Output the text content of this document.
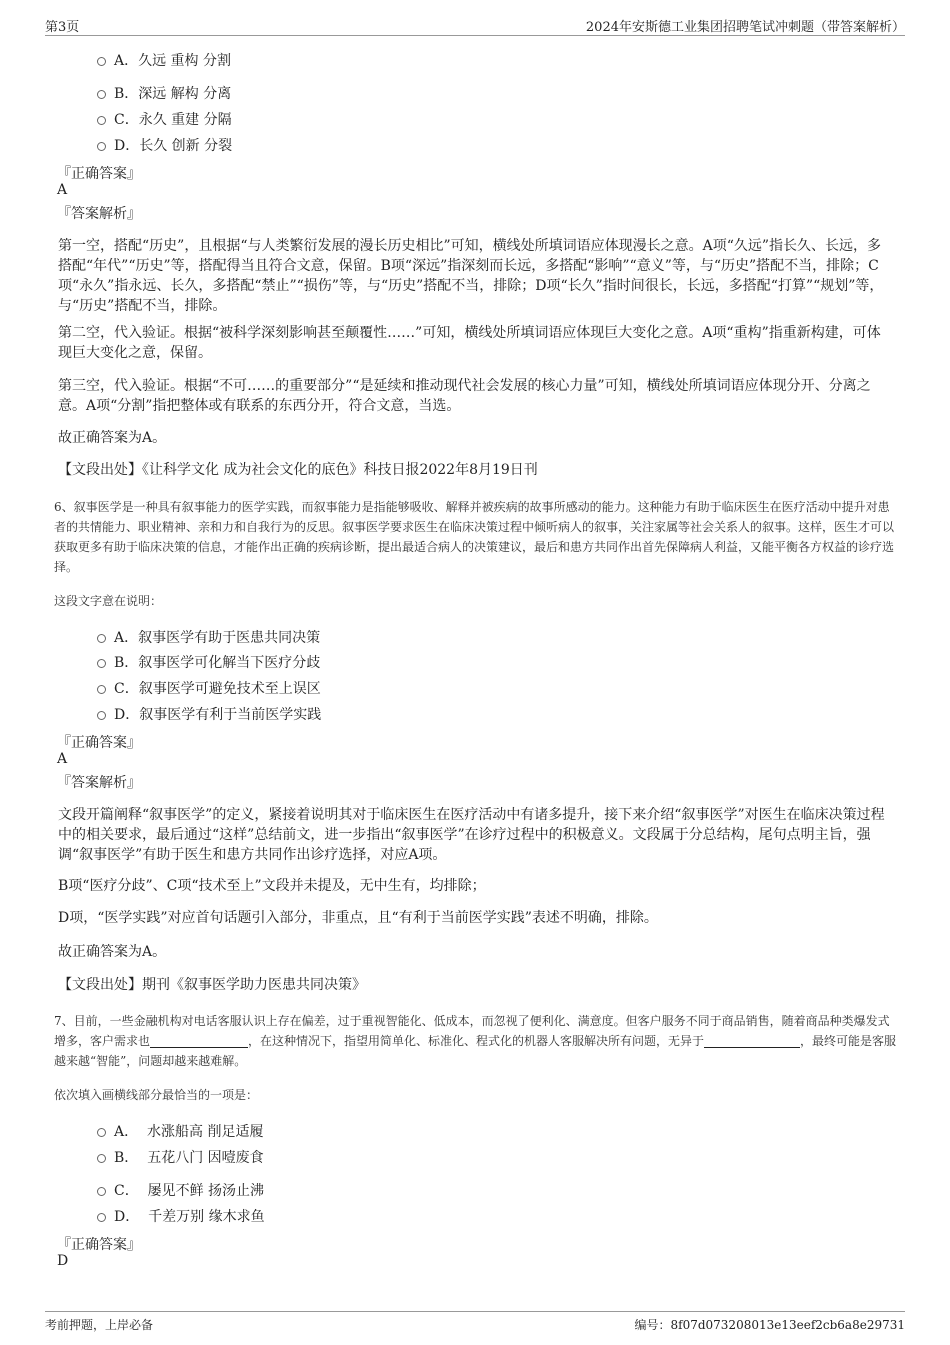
第3页	2024年安斯德工业集团招聘笔试冲刺题（带答案解析）
A．久远 重构 分割
B．深远 解构 分离
C．永久 重建 分隔
D．长久 创新 分裂
『正确答案』
A
『答案解析』
第一空，搭配“历史”，且根据“与人类繁衍发展的漫长历史相比”可知，横线处所填词语应体现漫长之意。A项“久远”指长久、长远，多搭配“年代”“历史”等，搭配得当且符合文意，保留。B项“深远”指深刻而长远，多搭配“影响”“意义”等，与“历史”搭配不当，排除；C项“永久”指永远、长久，多搭配“禁止”“损伤”等，与“历史”搭配不当，排除；D项“长久”指时间很长，长远，多搭配“打算”“规划”等，与“历史”搭配不当，排除。
第二空，代入验证。根据“被科学深刻影响甚至颠覆性……”可知，横线处所填词语应体现巨大变化之意。A项“重构”指重新构建，可体现巨大变化之意，保留。
第三空，代入验证。根据“不可……的重要部分”“是延续和推动现代社会发展的核心力量”可知，横线处所填词语应体现分开、分离之意。A项“分割”指把整体或有联系的东西分开，符合文意，当选。
故正确答案为A。
【文段出处】《让科学文化 成为社会文化的底色》科技日报2022年8月19日刊
6、叙事医学是一种具有叙事能力的医学实践，而叙事能力是指能够吸收、解释并被疾病的故事所感动的能力。这种能力有助于临床医生在医疗活动中提升对患者的共情能力、职业精神、亲和力和自我行为的反思。叙事医学要求医生在临床决策过程中倾听病人的叙事，关注家属等社会关系人的叙事。这样，医生才可以获取更多有助于临床决策的信息，才能作出正确的疾病诊断，提出最适合病人的决策建议，最后和患方共同作出首先保障病人利益，又能平衡各方权益的诊疗选择。
这段文字意在说明：
A．叙事医学有助于医患共同决策
B．叙事医学可化解当下医疗分歧
C．叙事医学可避免技术至上误区
D．叙事医学有利于当前医学实践
『正确答案』
A
『答案解析』
文段开篇阐释“叙事医学”的定义，紧接着说明其对于临床医生在医疗活动中有诸多提升，接下来介绍“叙事医学”对医生在临床决策过程中的相关要求，最后通过“这样”总结前文，进一步指出“叙事医学”在诊疗过程中的积极意义。文段属于分总结构，尾句点明主旨，强调“叙事医学”有助于医生和患方共同作出诊疗选择，对应A项。
B项“医疗分歧”、C项“技术至上”文段并未提及，无中生有，均排除；
D项，“医学实践”对应首句话题引入部分，非重点，且“有利于当前医学实践”表述不明确，排除。
故正确答案为A。
【文段出处】期刊《叙事医学助力医患共同决策》
7、目前，一些金融机构对电话客服认识上存在偏差，过于重视智能化、低成本，而忽视了便利化、满意度。但客户服务不同于商品销售，随着商品种类爆发式增多，客户需求也	，在这种情况下，指望用简单化、标准化、程式化的机器人客服解决所有问题，无异于	，最终可能是客服越来越“智能”，问题却越来越难解。
依次填入画横线部分最恰当的一项是：
A．  水涨船高 削足适履
B．  五花八门 因噎废食
C．  屡见不鲜 扬汤止沸
D．  千差万别 缘木求鱼
『正确答案』
D
考前押题，上岸必备	编号：8f07d073208013e13eef2cb6a8e29731
